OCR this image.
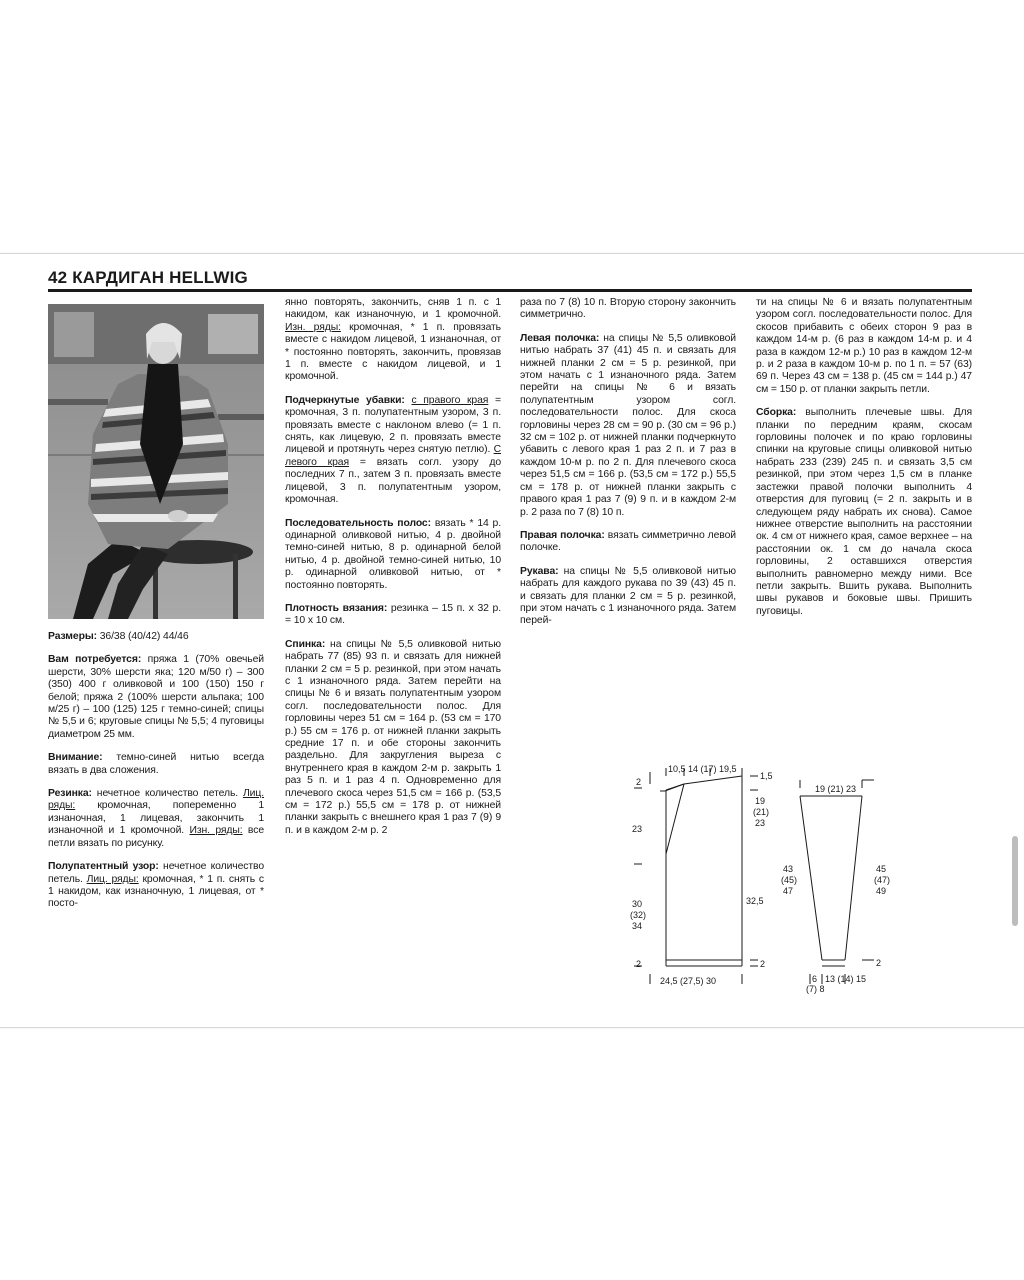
42 КАРДИГАН HELLWIG

Размеры: 36/38 (40/42) 44/46

Вам потребуется: пряжа 1 (70% овечьей шерсти, 30% шерсти яка; 120 м/50 г) – 300 (350) 400 г оливковой и 100 (150) 150 г белой; пряжа 2 (100% шерсти альпака; 100 м/25 г) – 100 (125) 125 г темно-синей; спицы № 5,5 и 6; круговые спицы № 5,5; 4 пуговицы диаметром 25 мм.

Внимание: темно-синей нитью всегда вязать в два сложения.

Резинка: нечетное количество петель. Лиц. ряды: кромочная, попеременно 1 изнаночная, 1 лицевая, закончить 1 изнаночной и 1 кромочной. Изн. ряды: все петли вязать по рисунку.

Полупатентный узор: нечетное количество петель. Лиц. ряды: кромочная, * 1 п. снять с 1 накидом, как изнаночную, 1 лицевая, от * посто-

янно повторять, закончить, сняв 1 п. с 1 накидом, как изнаночную, и 1 кромочной. Изн. ряды: кромочная, * 1 п. провязать вместе с накидом лицевой, 1 изнаночная, от * постоянно повторять, закончить, провязав 1 п. вместе с накидом лицевой, и 1 кромочной.

Подчеркнутые убавки: с правого края = кромочная, 3 п. полупатентным узором, 3 п. провязать вместе с наклоном влево (= 1 п. снять, как лицевую, 2 п. провязать вместе лицевой и протянуть через снятую петлю). С левого края = вязать согл. узору до последних 7 п., затем 3 п. провязать вместе лицевой, 3 п. полупатентным узором, кромочная.

Последовательность полос: вязать * 14 р. одинарной оливковой нитью, 4 р. двойной темно-синей нитью, 8 р. одинарной белой нитью, 4 р. двойной темно-синей нитью, 10 р. одинарной оливковой нитью, от * постоянно повторять.

Плотность вязания: резинка – 15 п. х 32 р. = 10 х 10 см.

Спинка: на спицы № 5,5 оливковой нитью набрать 77 (85) 93 п. и связать для нижней планки 2 см = 5 р. резинкой, при этом начать с 1 изнаночного ряда. Затем перейти на спицы № 6 и вязать полупатентным узором согл. последовательности полос. Для горловины через 51 см = 164 р. (53 см = 170 р.) 55 см = 176 р. от нижней планки закрыть средние 17 п. и обе стороны закончить раздельно. Для закругления выреза с внутреннего края в каждом 2-м р. закрыть 1 раз 5 п. и 1 раз 4 п. Одновременно для плечевого скоса через 51,5 см = 166 р. (53,5 см = 172 р.) 55,5 см = 178 р. от нижней планки закрыть с внешнего края 1 раз 7 (9) 9 п. и в каждом 2-м р. 2

раза по 7 (8) 10 п. Вторую сторону закончить симметрично.

Левая полочка: на спицы № 5,5 оливковой нитью набрать 37 (41) 45 п. и связать для нижней планки 2 см = 5 р. резинкой, при этом начать с 1 изнаночного ряда. Затем перейти на спицы № 6 и вязать полупатентным узором согл. последовательности полос. Для скоса горловины через 28 см = 90 р. (30 см = 96 р.) 32 см = 102 р. от нижней планки подчеркнуто убавить с левого края 1 раз 2 п. и 7 раз в каждом 10-м р. по 2 п. Для плечевого скоса через 51,5 см = 166 р. (53,5 см = 172 р.) 55,5 см = 178 р. от нижней планки закрыть с правого края 1 раз 7 (9) 9 п. и в каждом 2-м р. 2 раза по 7 (8) 10 п.

Правая полочка: вязать симметрично левой полочке.

Рукава: на спицы № 5,5 оливковой нитью набрать для каждого рукава по 39 (43) 45 п. и связать для планки 2 см = 5 р. резинкой, при этом начать с 1 изнаночного ряда. Затем перей-

ти на спицы № 6 и вязать полупатентным узором согл. последовательности полос. Для скосов прибавить с обеих сторон 9 раз в каждом 14-м р. (6 раз в каждом 14-м р. и 4 раза в каждом 12-м р.) 10 раз в каждом 12-м р. и 2 раза в каждом 10-м р. по 1 п. = 57 (63) 69 п. Через 43 см = 138 р. (45 см = 144 р.) 47 см = 150 р. от планки закрыть петли.

Сборка: выполнить плечевые швы. Для планки по передним краям, скосам горловины полочек и по краю горловины спинки на круговые спицы оливковой нитью набрать 233 (239) 245 п. и связать 3,5 см резинкой, при этом через 1,5 см в планке застежки правой полочки выполнить 4 отверстия для пуговиц (= 2 п. закрыть и в следующем ряду набрать их снова). Самое нижнее отверстие выполнить на расстоянии ок. 4 см от нижнего края, самое верхнее – на расстоянии ок. 1 см до начала скоса горловины, 2 оставшихся отверстия выполнить равномерно между ними. Все петли закрыть. Вшить рукава. Выполнить швы рукавов и боковые швы. Пришить пуговицы.

10,5 14 (17) 19,5
1,5
2
23
19
(21)
23
30
(32)
34
32,5
43
(45)
47
2	2
24,5 (27,5) 30
19 (21) 23
45
(47)
49
2
6
(7) 8
13 (14) 15
